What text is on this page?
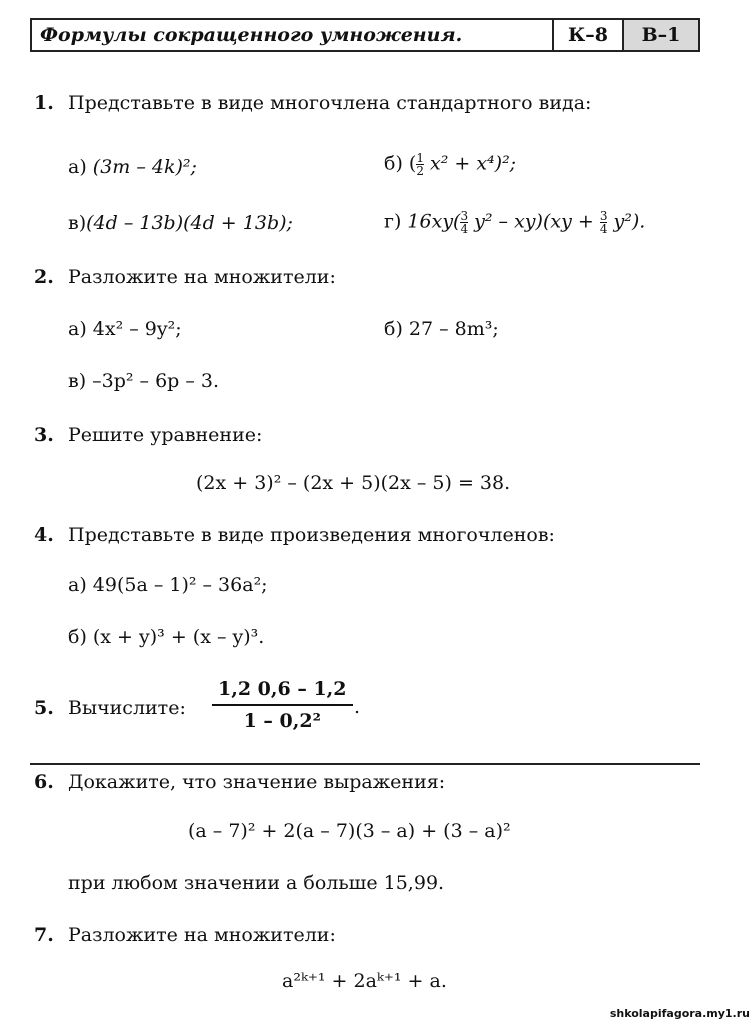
Формулы сокращенного умножения.	К–8	В–1
1. Представьте в виде многочлена стандартного вида:
а) (3m – 4k)²;	б) ( $\frac{1}{2} x^2 + x^4)^2$;
в)(4d – 13b)(4d + 13b);	г) $16xy( \frac{3}{4} y^2 - xy)(xy + \frac{3}{4} y^2)$.
2. Разложите на множители:
а) 4x² – 9y²;	б) 27 – 8m³;
в) –3p² – 6p – 3.
3. Решите уравнение:
(2x + 3)² – (2x + 5)(2x – 5) = 38.
4. Представьте в виде произведения многочленов:
а) 49(5a – 1)² – 36a²;
б) (x + y)³ + (x – y)³.
5. Вычислите: $\frac{1,2 0,6 - 1,2}{\text{1 – 0,2²}}$ .
6. Докажите, что значение выражения:
(a – 7)² + 2(a – 7)(3 – a) + (3 – a)²
при любом значении a больше 15,99.
7. Разложите на множители:
a²ᵏ⁺¹ + 2aᵏ⁺¹ + a.
shkolapifagora.my1.ru
